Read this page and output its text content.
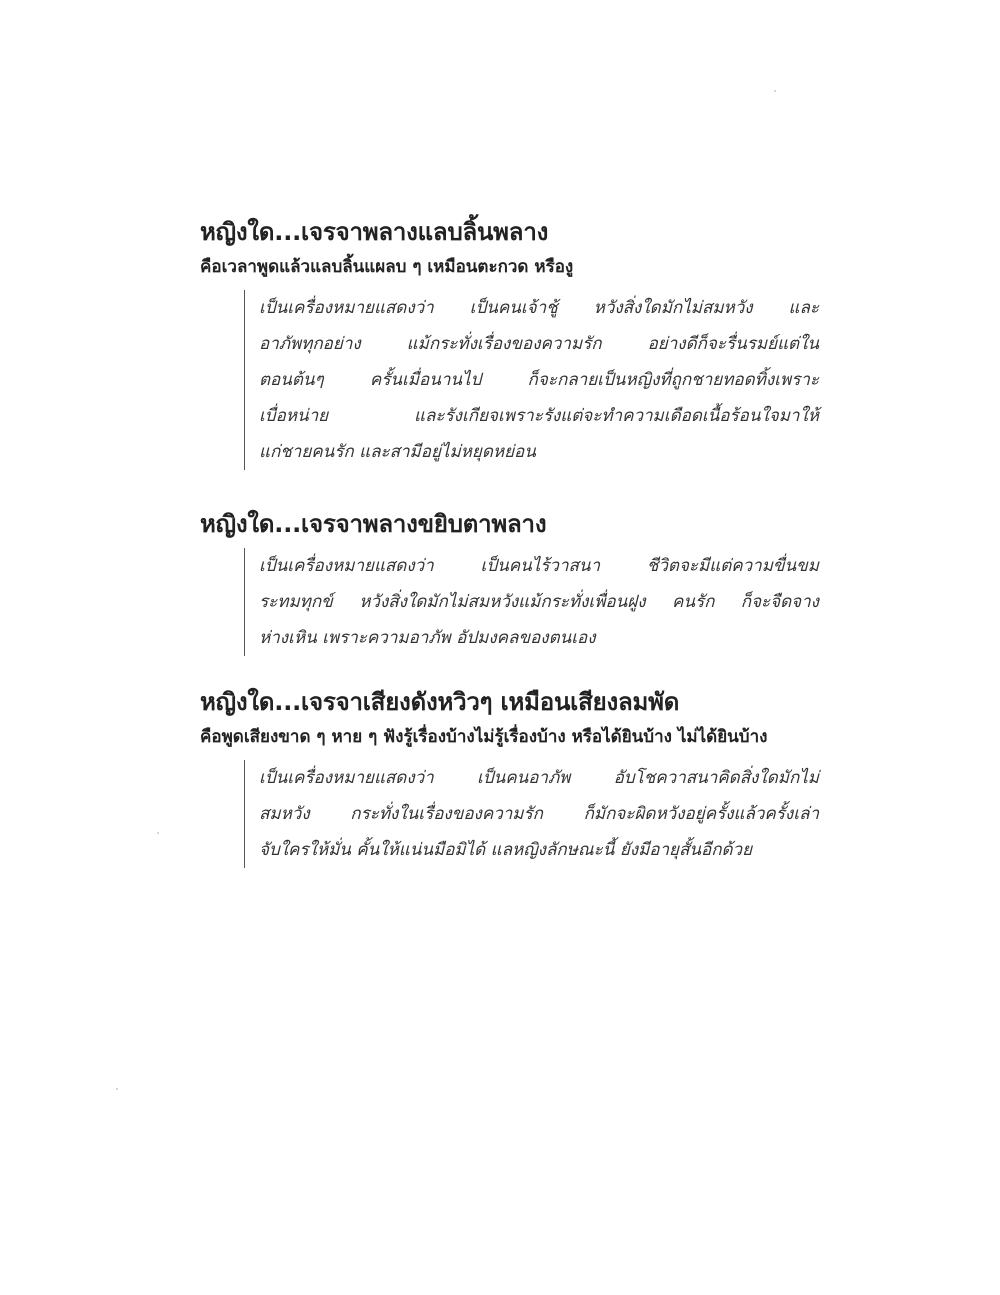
หญิงใด...เจรจาพลางแลบลิ้นพลาง

คือเวลาพูดแล้วแลบลิ้นแผลบ ๆ เหมือนตะกวด หรืองู

เป็นเครื่องหมายแสดงว่า เป็นคนเจ้าชู้ หวังสิ่งใดมักไม่สมหวัง และ
อาภัพทุกอย่าง แม้กระทั่งเรื่องของความรัก อย่างดีก็จะรื่นรมย์แต่ใน
ตอนต้นๆ ครั้นเมื่อนานไป ก็จะกลายเป็นหญิงที่ถูกชายทอดทิ้งเพราะ
เบื่อหน่าย และรังเกียจเพราะรังแต่จะทำความเดือดเนื้อร้อนใจมาให้
แก่ชายคนรัก และสามีอยู่ไม่หยุดหย่อน
หญิงใด...เจรจาพลางขยิบตาพลาง
เป็นเครื่องหมายแสดงว่า เป็นคนไร้วาสนา ชีวิตจะมีแต่ความขื่นขม
ระทมทุกข์ หวังสิ่งใดมักไม่สมหวังแม้กระทั่งเพื่อนฝูง คนรัก ก็จะจืดจาง
ห่างเหิน เพราะความอาภัพ อัปมงคลของตนเอง
หญิงใด...เจรจาเสียงดังหวิวๆ เหมือนเสียงลมพัด

คือพูดเสียงขาด ๆ หาย ๆ ฟังรู้เรื่องบ้างไม่รู้เรื่องบ้าง หรือได้ยินบ้าง ไม่ได้ยินบ้าง

เป็นเครื่องหมายแสดงว่า เป็นคนอาภัพ อับโชควาสนาคิดสิ่งใดมักไม่
สมหวัง กระทั่งในเรื่องของความรัก ก็มักจะผิดหวังอยู่ครั้งแล้วครั้งเล่า
จับใครให้มั่น คั้นให้แน่นมือมิได้ แลหญิงลักษณะนี้ ยังมีอายุสั้นอีกด้วย
